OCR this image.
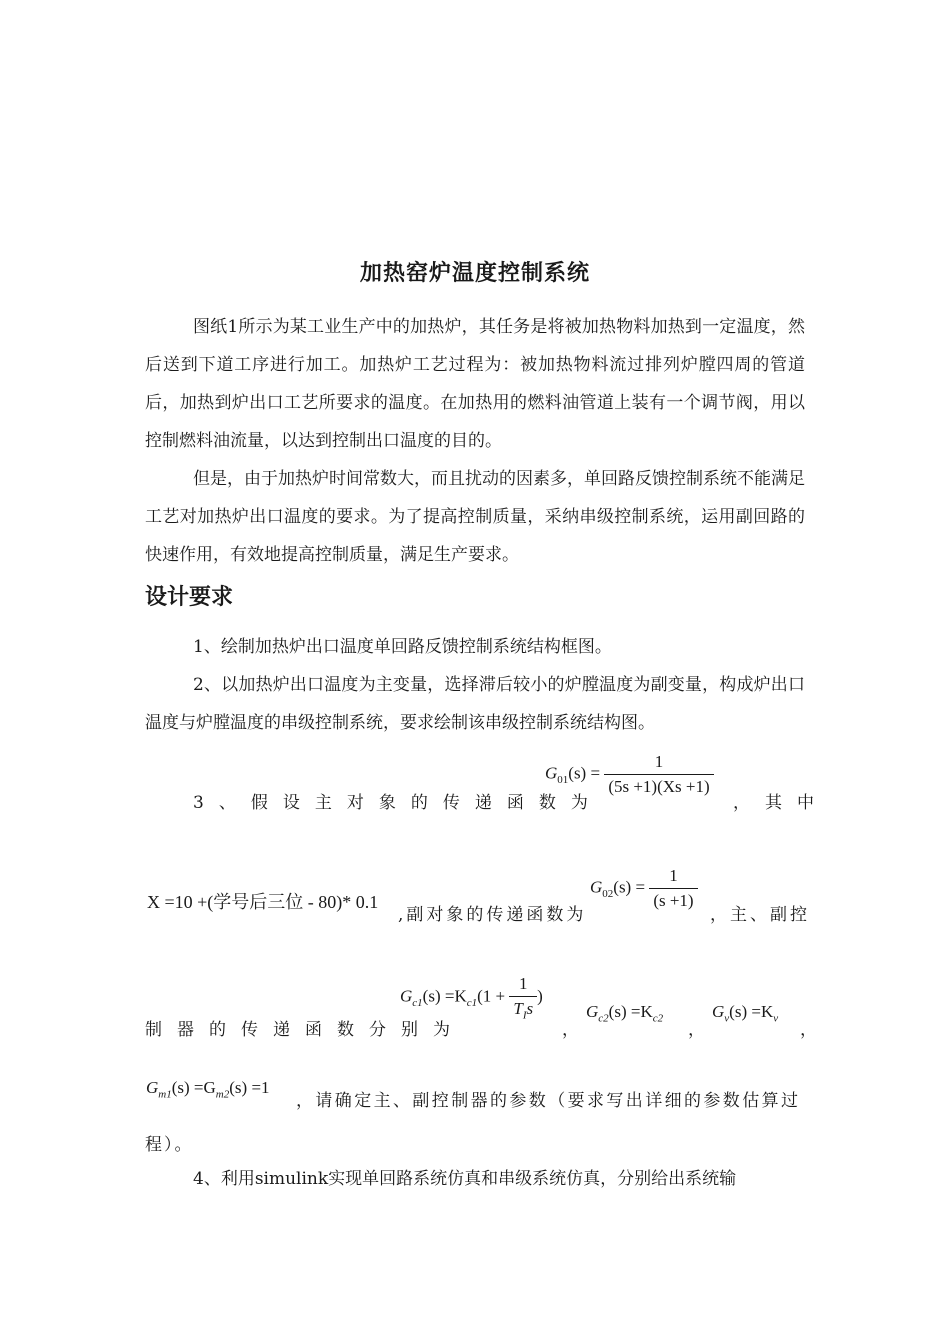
加热窑炉温度控制系统

图纸1所示为某工业生产中的加热炉，其任务是将被加热物料加热到一定温度，然后送到下道工序进行加工。加热炉工艺过程为：被加热物料流过排列炉膛四周的管道后，加热到炉出口工艺所要求的温度。在加热用的燃料油管道上装有一个调节阀，用以控制燃料油流量，以达到控制出口温度的目的。

但是，由于加热炉时间常数大，而且扰动的因素多，单回路反馈控制系统不能满足工艺对加热炉出口温度的要求。为了提高控制质量，采纳串级控制系统，运用副回路的快速作用，有效地提高控制质量，满足生产要求。

设计要求

1、绘制加热炉出口温度单回路反馈控制系统结构框图。

2、以加热炉出口温度为主变量，选择滞后较小的炉膛温度为副变量，构成炉出口温度与炉膛温度的串级控制系统，要求绘制该串级控制系统结构图。

3、假设主对象的传递函数为
$G_{01}(s) = \frac{1}{(5s +1)(Xs +1)}$
，其中
X =10 +(学号后三位 - 80)* 0.1
,副对象的传递函数为
$G_{02}(s) = \frac{1}{(s +1)}$
，主、副控
制器的传递函数分别为
$G_{c1}(s) =K_{c1}(1 + \frac{1}{T_Is}$ )
，
$G_{c2}(s) =K_{c2}$
，
$G_v(s) =K_v$
，
$G_{m1}(s) =G_{m2}(s) =1$
，请确定主、副控制器的参数（要求写出详细的参数估算过
程）。

4、利用simulink实现单回路系统仿真和串级系统仿真，分别给出系统输
